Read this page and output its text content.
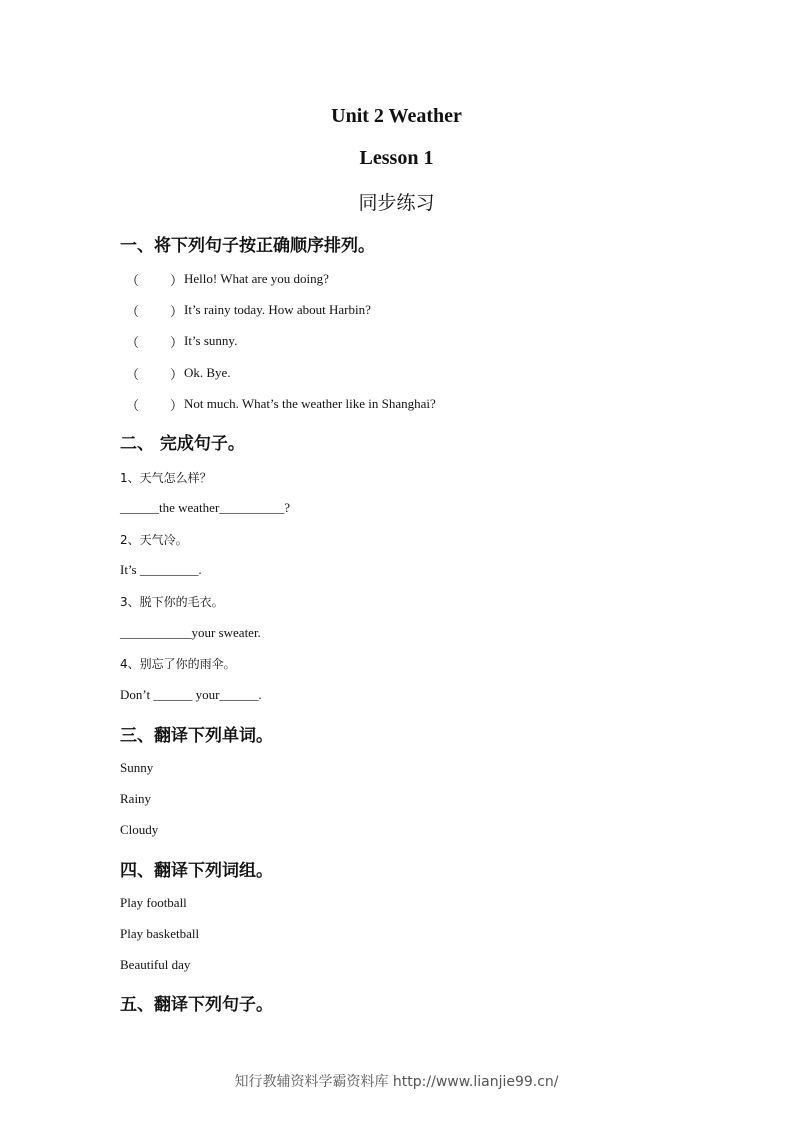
Unit 2 Weather
Lesson 1
同步练习
一、将下列句子按正确顺序排列。
（ ） Hello! What are you doing?
（ ） It’s rainy today. How about Harbin?
（ ） It’s sunny.
（ ） Ok. Bye.
（ ） Not much. What’s the weather like in Shanghai?
二、 完成句子。
1、天气怎么样？
______the weather__________?
2、天气冷。
It’s _________.
3、脱下你的毛衣。
___________your sweater.
4、别忘了你的雨伞。
Don’t ______ your______.
三、翻译下列单词。
Sunny
Rainy
Cloudy
四、翻译下列词组。
Play football
Play basketball
Beautiful day
五、翻译下列句子。
知行教辅资料学霸资料库 http://www.lianjie99.cn/
